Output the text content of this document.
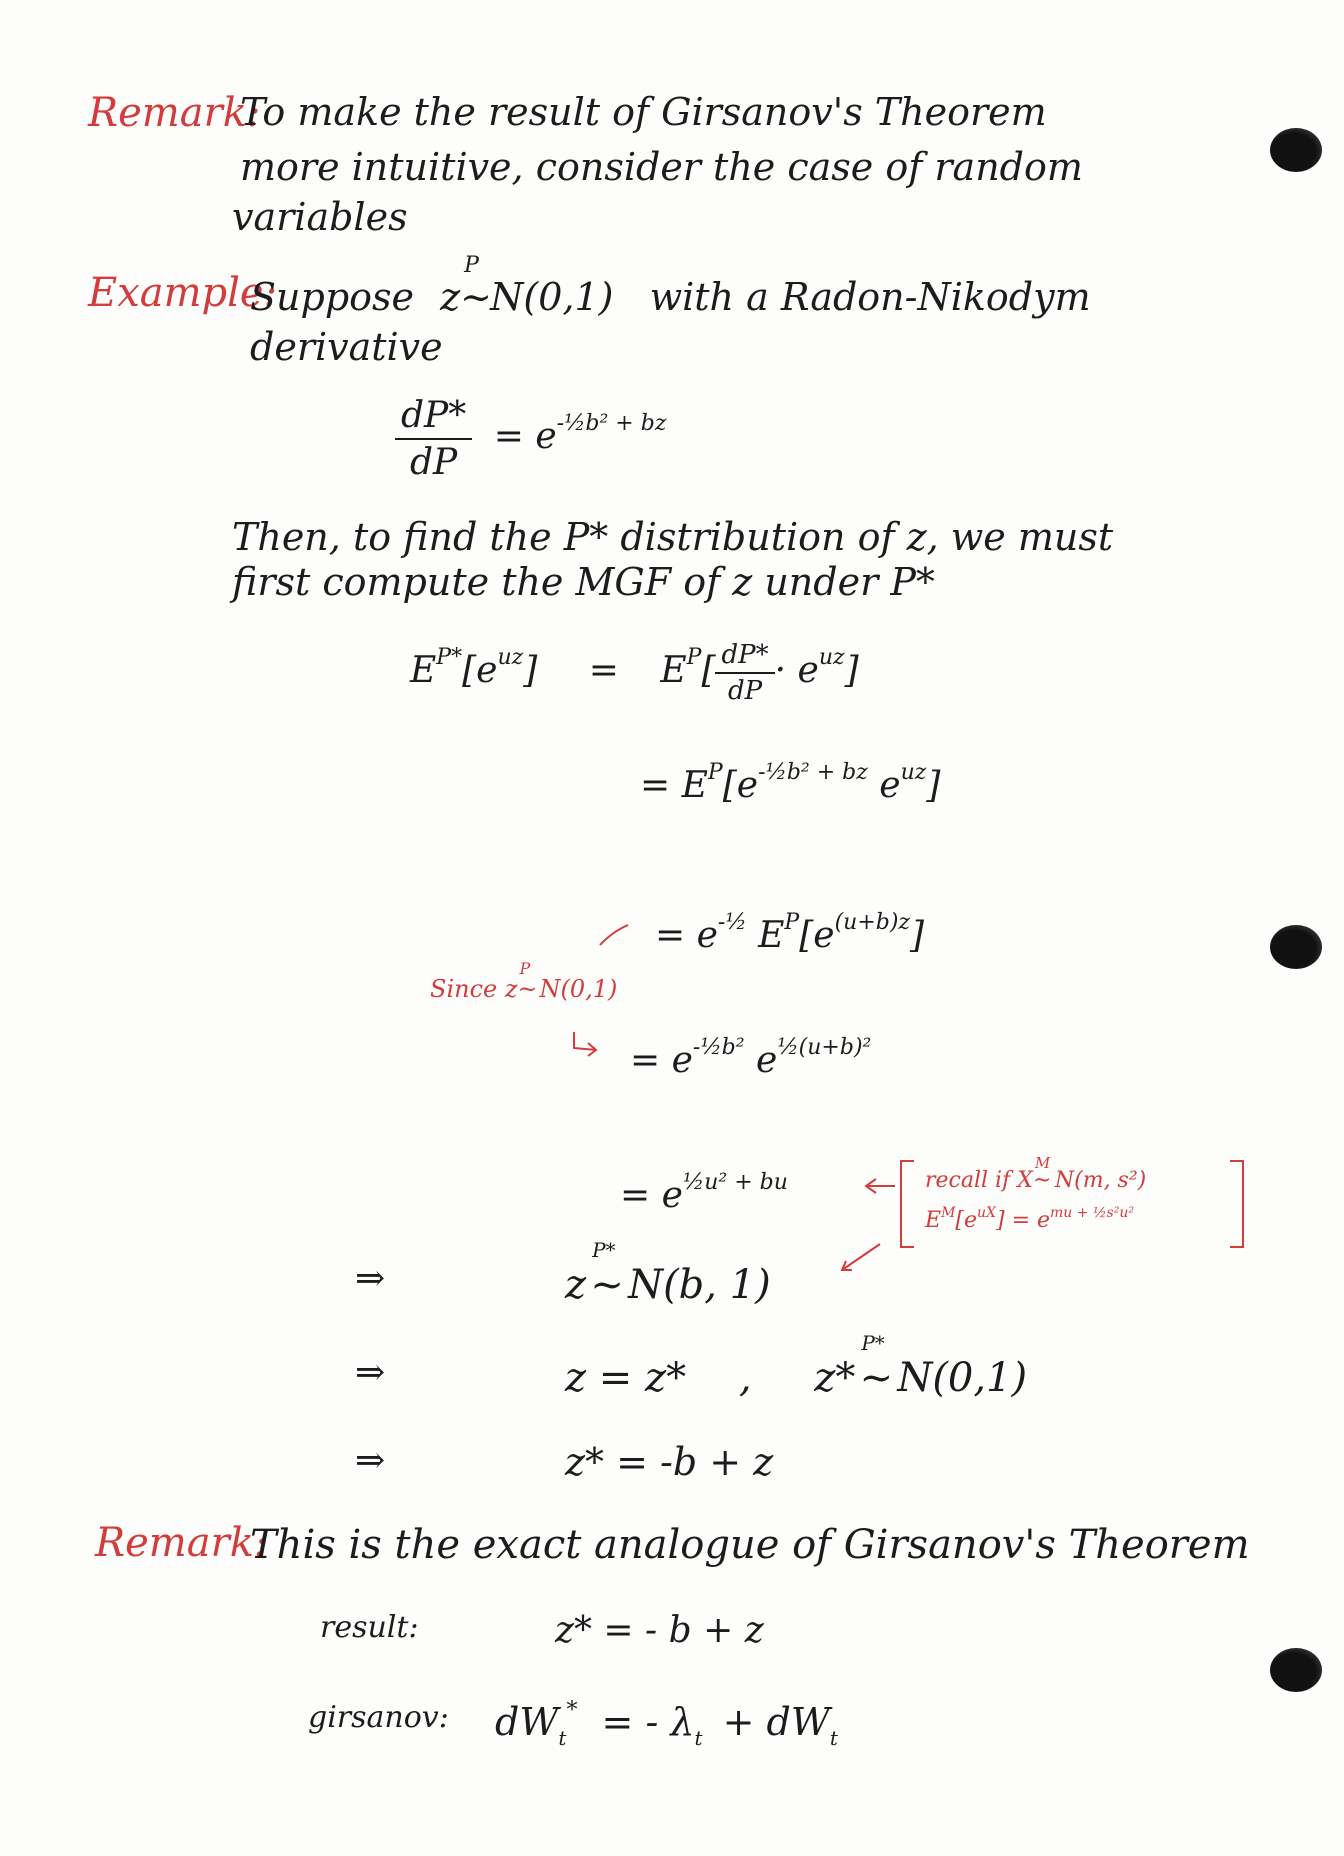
Remark:
To make the result of Girsanov's Theorem
more intuitive, consider the case of random
variables
Example:
Suppose z
P
~N(0,1) with a Radon-Nikodym
derivative
$\frac{dP*}{dP} = e^{-\frac{1}{2}b^2 + bz}$
Then, to find the P* distribution of z, we must
first compute the MGF of z under P*
$E^{P*}[e^{uz}] = E^P[ \frac{dP*}{dP} \cdot e^{uz}]$
= $E^P[e^{-\frac{1}{2}b^2 + bz}$ $e^{uz}$]
= $e^{-\frac{1}{2}}$ $E^P[e^{(u+b)z}]$
Since z
P
~N(0,1)
= $e^{-\frac{1}{2}b^2}$ $e^{\frac{1}{2}(u+b)^2}$
= $e^{\frac{1}{2}u^2 + bu}$	recall if X
M
~ N(m, s²)
$E^M[e^{uX}] = e^{mu + \frac{1}{2}s^2u^2}$
⇒	z
P*
~ N(b, 1)
⇒	z = z* , z*
P*
~ N(0,1)
⇒	z* = -b + z
Remark:
This is the exact analogue of Girsanov's Theorem
result:	z* = - b + z
girsanov: $dW_t^*$ = - $\lambda_t + dW_t$
